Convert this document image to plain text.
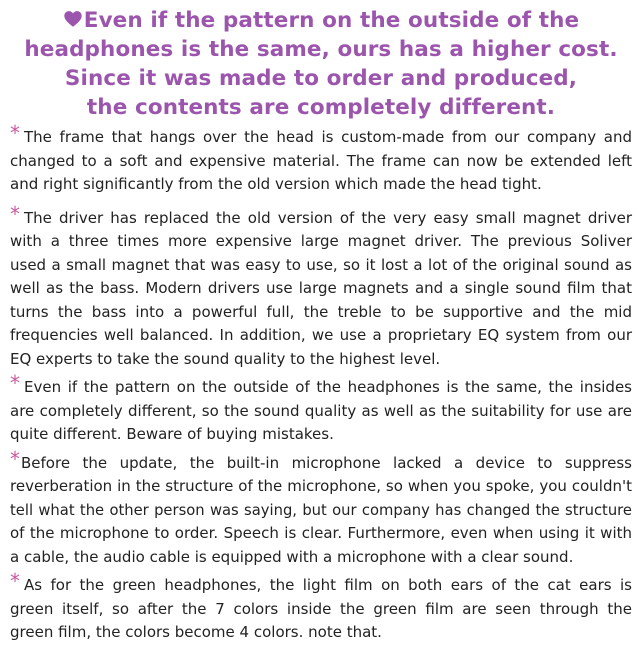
Even if the pattern on the outside of the
headphones is the same, ours has a higher cost.
Since it was made to order and produced,
the contents are completely different.
* The frame that hangs over the head is custom-made from our company and
changed to a soft and expensive material. The frame can now be extended left
and right significantly from the old version which made the head tight.
* The driver has replaced the old version of the very easy small magnet driver
with a three times more expensive large magnet driver. The previous Soliver
used a small magnet that was easy to use, so it lost a lot of the original sound as
well as the bass. Modern drivers use large magnets and a single sound film that
turns the bass into a powerful full, the treble to be supportive and the mid
frequencies well balanced. In addition, we use a proprietary EQ system from our
EQ experts to take the sound quality to the highest level.
* Even if the pattern on the outside of the headphones is the same, the insides
are completely different, so the sound quality as well as the suitability for use are
quite different. Beware of buying mistakes.
*Before the update, the built-in microphone lacked a device to suppress
reverberation in the structure of the microphone, so when you spoke, you couldn't
tell what the other person was saying, but our company has changed the structure
of the microphone to order. Speech is clear. Furthermore, even when using it with
a cable, the audio cable is equipped with a microphone with a clear sound.
* As for the green headphones, the light film on both ears of the cat ears is
green itself, so after the 7 colors inside the green film are seen through the
green film, the colors become 4 colors. note that.
